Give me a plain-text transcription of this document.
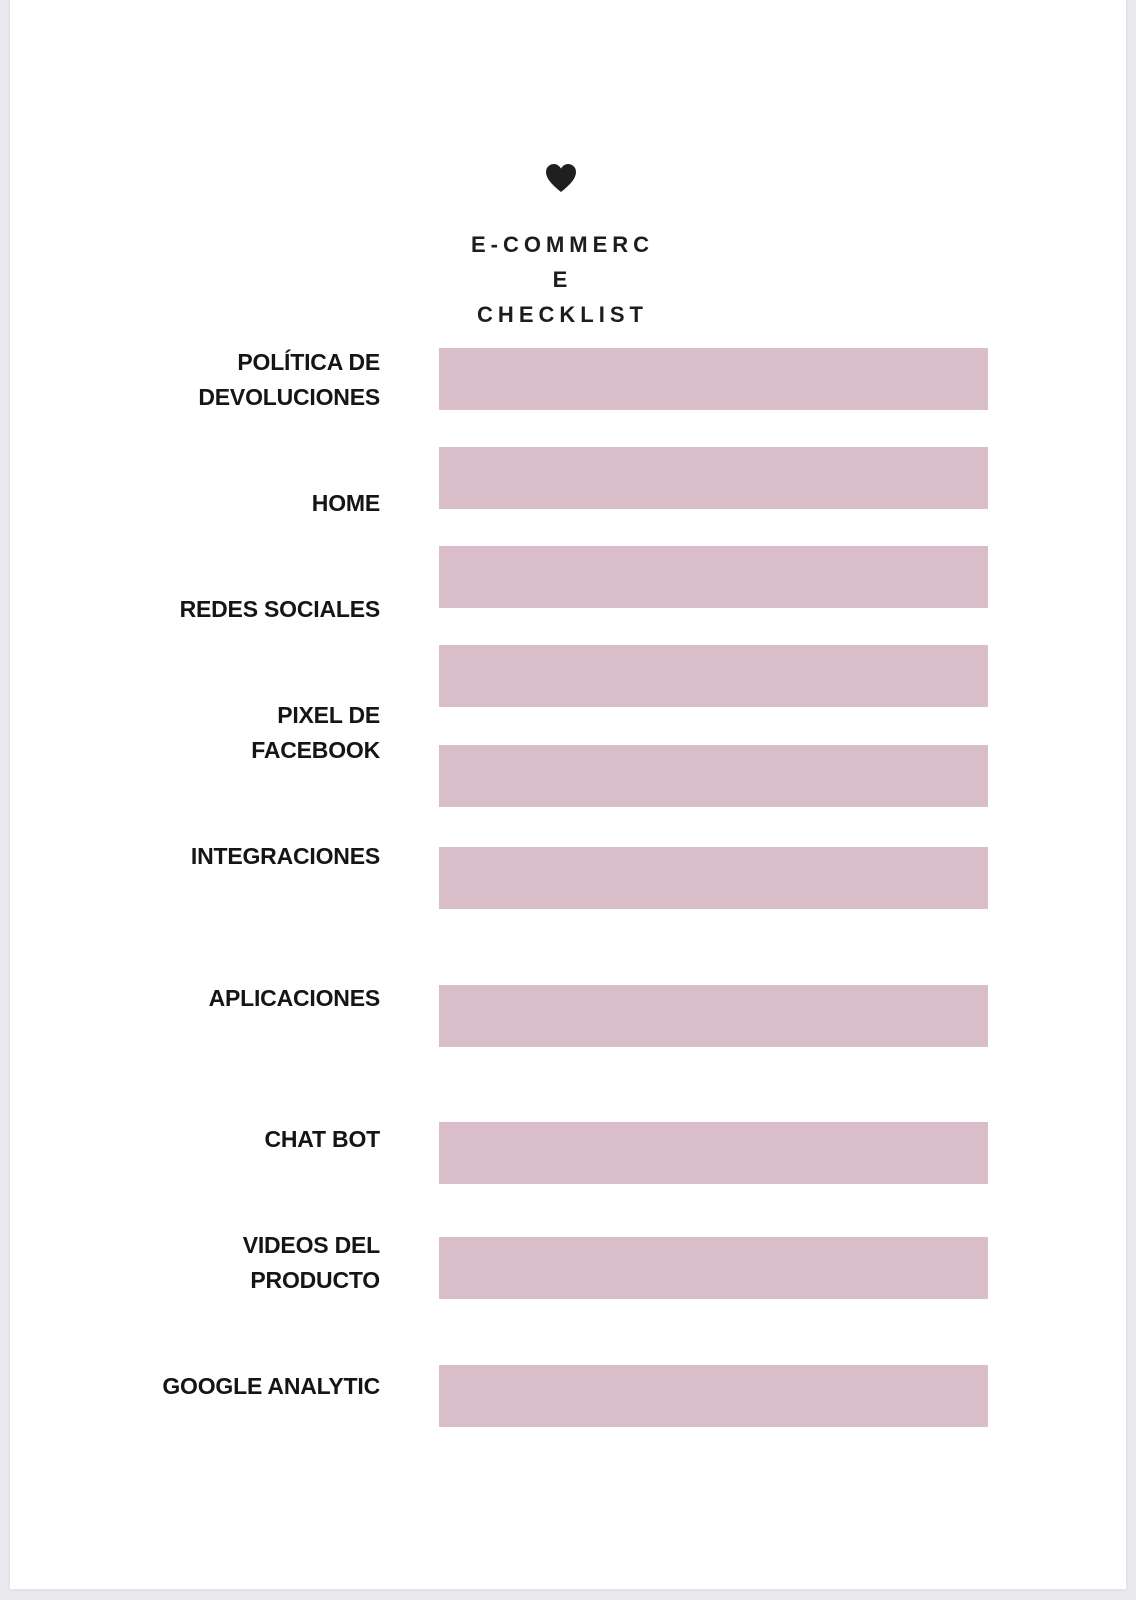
E-COMMERC
E
CHECKLIST
POLÍTICA DE
DEVOLUCIONES
HOME
REDES SOCIALES
PIXEL DE
FACEBOOK
INTEGRACIONES
APLICACIONES
CHAT BOT
VIDEOS DEL
PRODUCTO
GOOGLE ANALYTIC
